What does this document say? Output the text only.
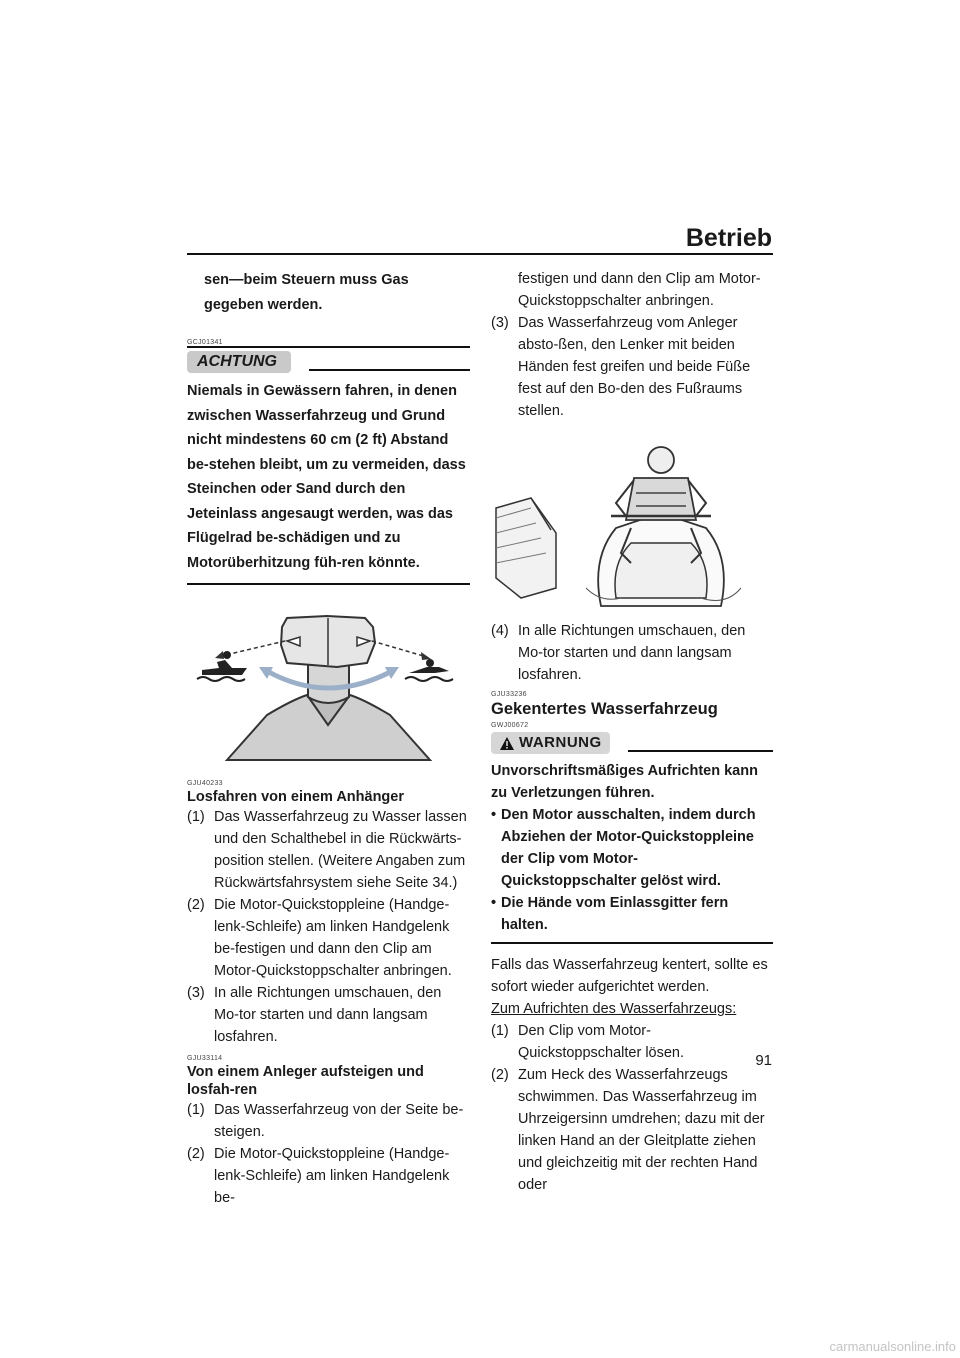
Betrieb
sen—beim Steuern muss Gas gegeben werden.
GCJ01341
ACHTUNG
Niemals in Gewässern fahren, in denen zwischen Wasserfahrzeug und Grund nicht mindestens 60 cm (2 ft) Abstand be-stehen bleibt, um zu vermeiden, dass Steinchen oder Sand durch den Jeteinlass angesaugt werden, was das Flügelrad be-schädigen und zu Motorüberhitzung füh-ren könnte.
GJU40233
Losfahren von einem Anhänger
(1) Das Wasserfahrzeug zu Wasser lassen und den Schalthebel in die Rückwärts-position stellen. (Weitere Angaben zum Rückwärtsfahrsystem siehe Seite 34.)
(2) Die Motor-Quickstoppleine (Handge-lenk-Schleife) am linken Handgelenk be-festigen und dann den Clip am Motor-Quickstoppschalter anbringen.
(3) In alle Richtungen umschauen, den Mo-tor starten und dann langsam losfahren.
GJU33114
Von einem Anleger aufsteigen und losfah-ren
(1) Das Wasserfahrzeug von der Seite be-steigen.
(2) Die Motor-Quickstoppleine (Handge-lenk-Schleife) am linken Handgelenk be-
festigen und dann den Clip am Motor-Quickstoppschalter anbringen.
(3) Das Wasserfahrzeug vom Anleger absto-ßen, den Lenker mit beiden Händen fest greifen und beide Füße fest auf den Bo-den des Fußraums stellen.
(4) In alle Richtungen umschauen, den Mo-tor starten und dann langsam losfahren.
GJU33236
Gekentertes Wasserfahrzeug
GWJ00672
WARNUNG
Unvorschriftsmäßiges Aufrichten kann zu Verletzungen führen.
• Den Motor ausschalten, indem durch Abziehen der Motor-Quickstoppleine der Clip vom Motor-Quickstoppschalter gelöst wird.
• Die Hände vom Einlassgitter fern halten.
Falls das Wasserfahrzeug kentert, sollte es sofort wieder aufgerichtet werden.
Zum Aufrichten des Wasserfahrzeugs:
(1) Den Clip vom Motor-Quickstoppschalter lösen.
(2) Zum Heck des Wasserfahrzeugs schwimmen. Das Wasserfahrzeug im Uhrzeigersinn umdrehen; dazu mit der linken Hand an der Gleitplatte ziehen und gleichzeitig mit der rechten Hand oder
91
carmanualsonline.info
